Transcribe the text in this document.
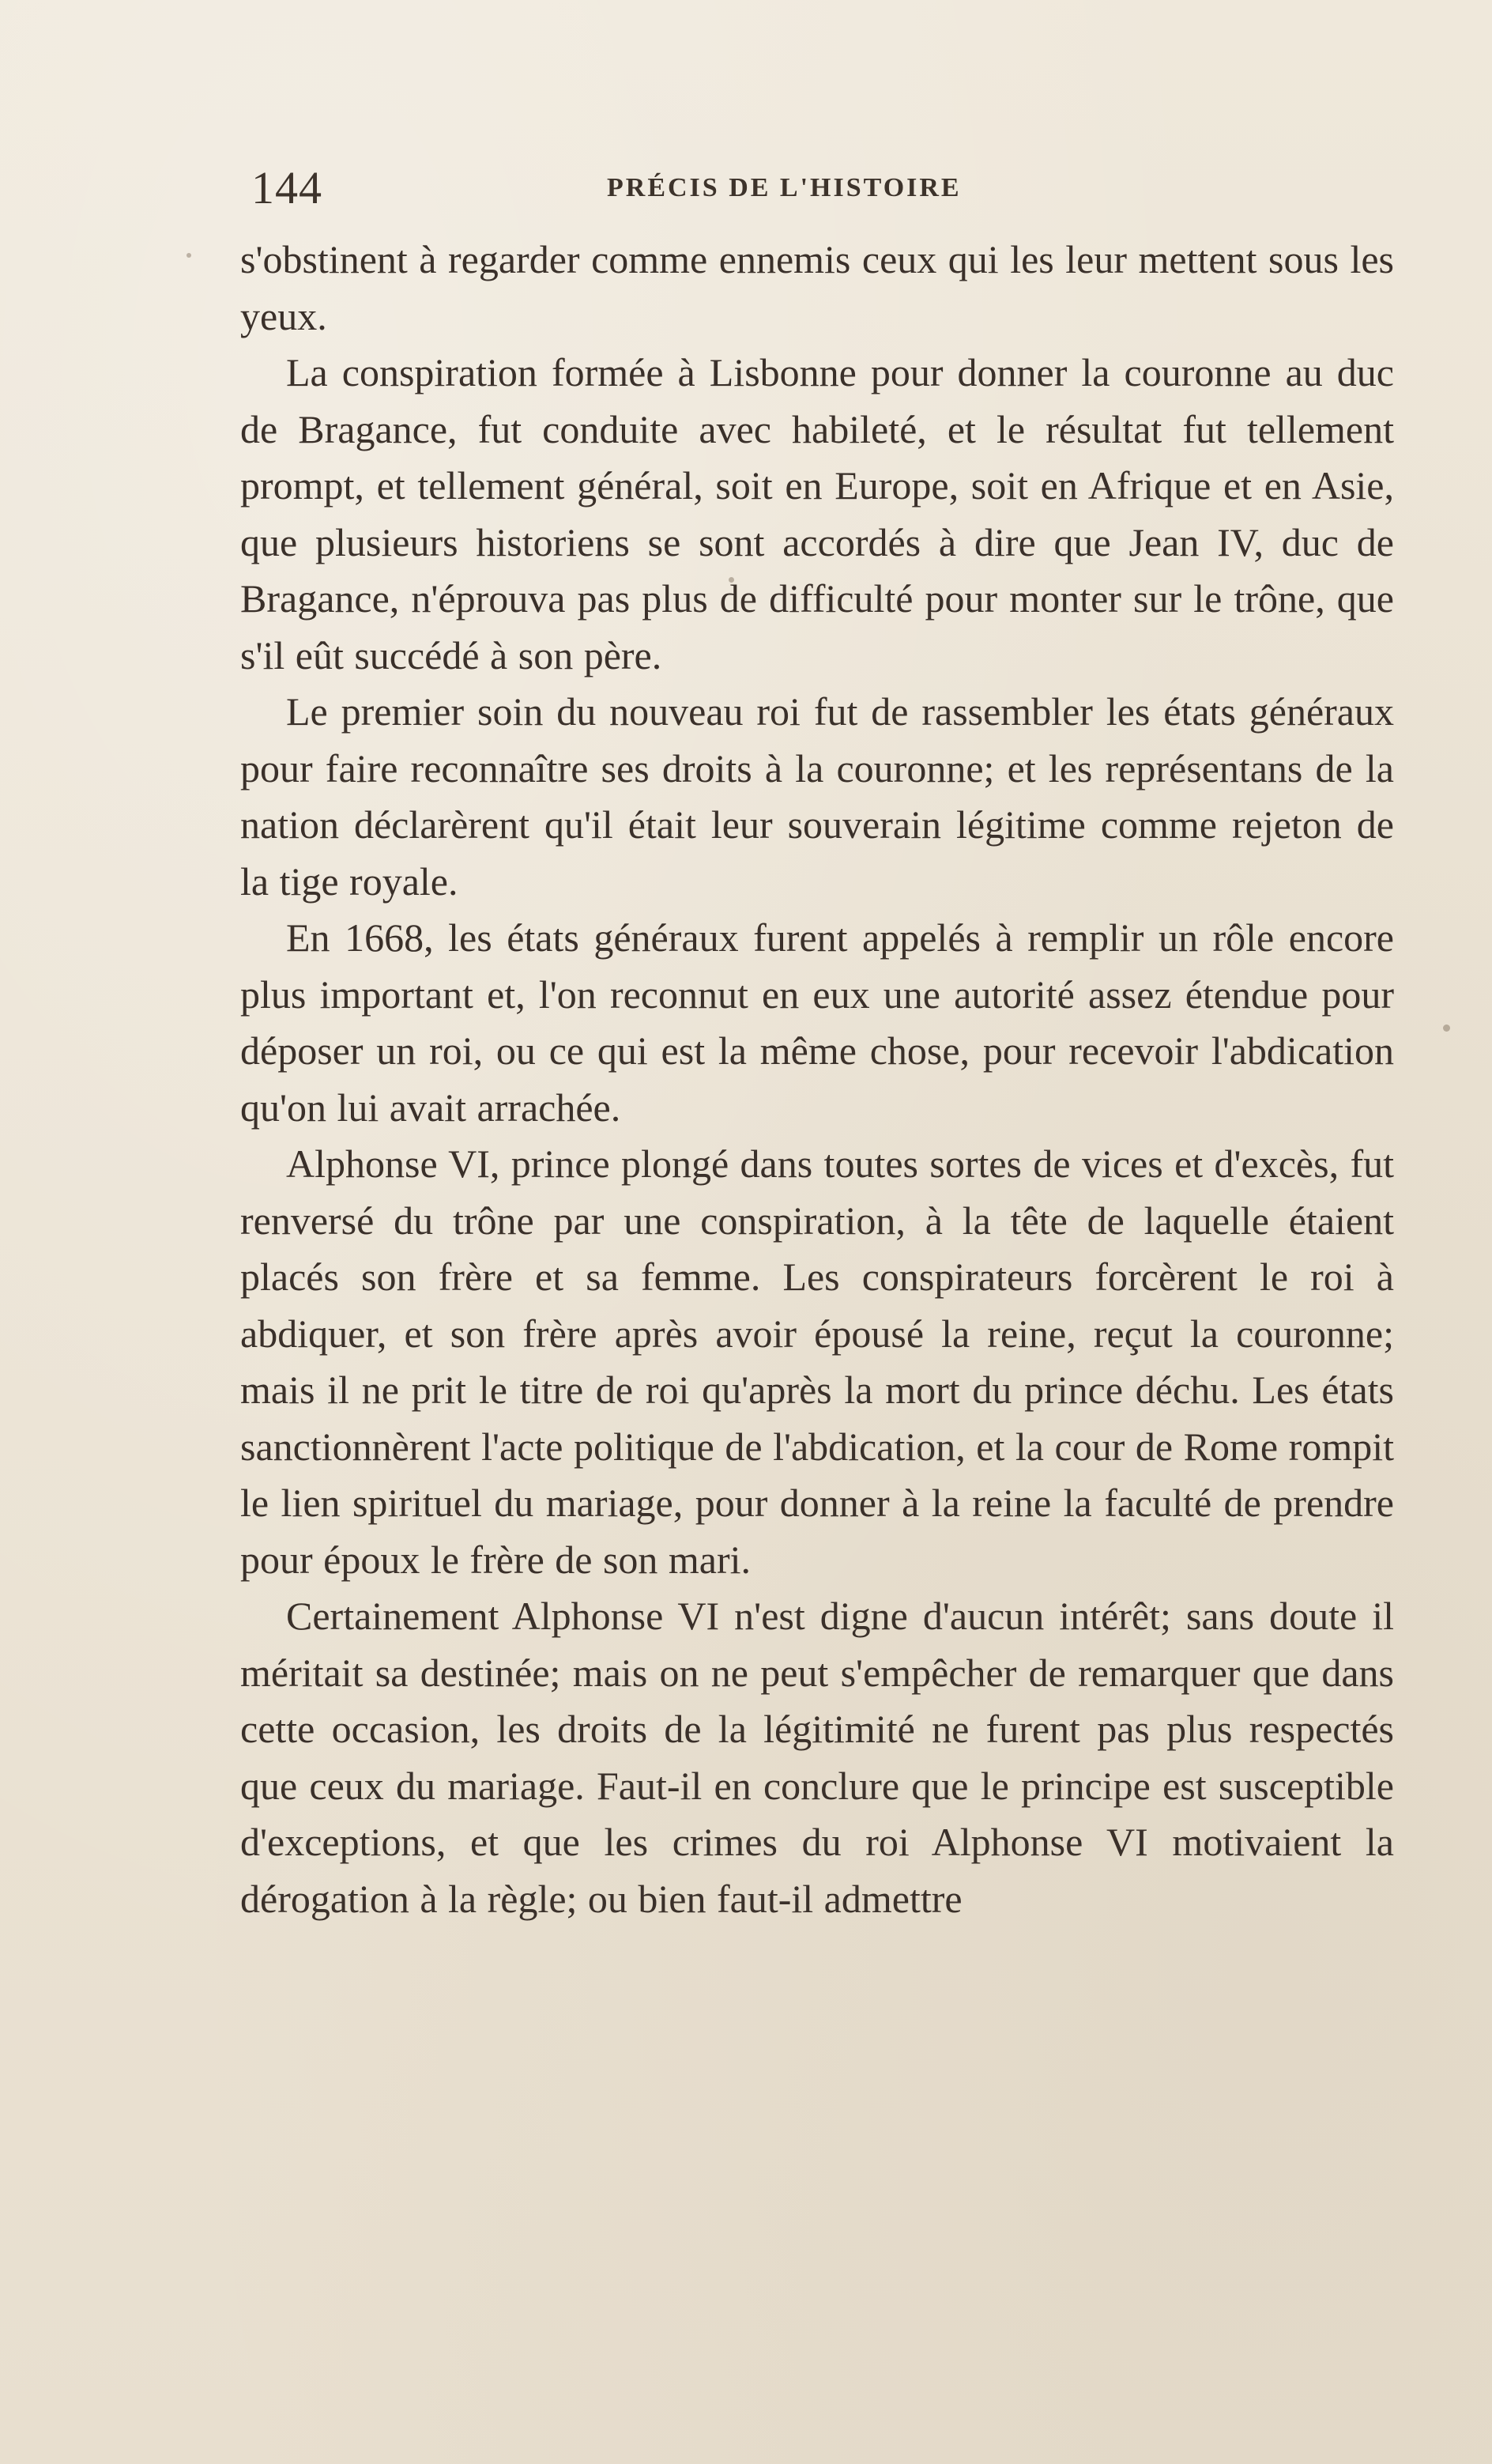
144	PRÉCIS DE L'HISTOIRE

s'obstinent à regarder comme ennemis ceux qui les leur mettent sous les yeux.

La conspiration formée à Lisbonne pour donner la couronne au duc de Bragance, fut conduite avec habileté, et le résultat fut tellement prompt, et tellement général, soit en Europe, soit en Afrique et en Asie, que plusieurs historiens se sont accordés à dire que Jean IV, duc de Bragance, n'éprouva pas plus de difficulté pour monter sur le trône, que s'il eût succédé à son père.

Le premier soin du nouveau roi fut de rassembler les états généraux pour faire reconnaître ses droits à la couronne; et les représentans de la nation déclarèrent qu'il était leur souverain légitime comme rejeton de la tige royale.

En 1668, les états généraux furent appelés à remplir un rôle encore plus important et, l'on reconnut en eux une autorité assez étendue pour déposer un roi, ou ce qui est la même chose, pour recevoir l'abdication qu'on lui avait arrachée.

Alphonse VI, prince plongé dans toutes sortes de vices et d'excès, fut renversé du trône par une conspiration, à la tête de laquelle étaient placés son frère et sa femme. Les conspirateurs forcèrent le roi à abdiquer, et son frère après avoir épousé la reine, reçut la couronne; mais il ne prit le titre de roi qu'après la mort du prince déchu. Les états sanctionnèrent l'acte politique de l'abdication, et la cour de Rome rompit le lien spirituel du mariage, pour donner à la reine la faculté de prendre pour époux le frère de son mari.

Certainement Alphonse VI n'est digne d'aucun intérêt; sans doute il méritait sa destinée; mais on ne peut s'empêcher de remarquer que dans cette occasion, les droits de la légitimité ne furent pas plus respectés que ceux du mariage. Faut-il en conclure que le principe est susceptible d'exceptions, et que les crimes du roi Alphonse VI motivaient la dérogation à la règle; ou bien faut-il admettre
